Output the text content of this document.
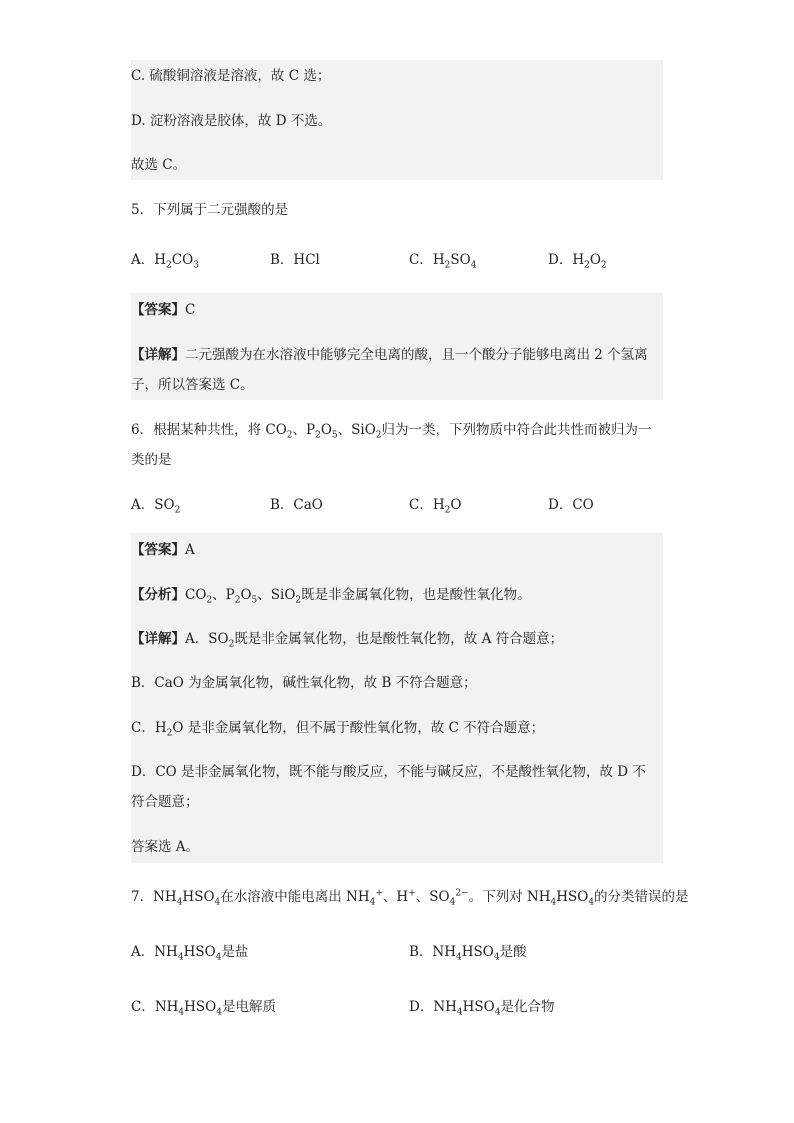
C. 硫酸铜溶液是溶液，故 C 选；
D. 淀粉溶液是胶体，故 D 不选。
故选 C。
5．下列属于二元强酸的是
A．$H_2CO_3$	B．HCl	C．$H_2SO_4$	D．$H_2O_2$
【答案】C
【详解】二元强酸为在水溶液中能够完全电离的酸，且一个酸分子能够电离出 2 个氢离
子，所以答案选 C。
6．根据某种共性，将 $CO_2$、$P_2O_5$、SiO$_2$归为一类，下列物质中符合此共性而被归为一
类的是
A．$SO_2$	B．CaO	C．$H_2O$	D．CO
【答案】A
【分析】$CO_2$、$P_2O_5$、SiO$_2$既是非金属氧化物，也是酸性氧化物。
【详解】A．$SO_2$既是非金属氧化物，也是酸性氧化物，故 A 符合题意；
B．CaO 为金属氧化物，碱性氧化物，故 B 不符合题意；
C．$H_2O$ 是非金属氧化物，但不属于酸性氧化物，故 C 不符合题意；
D．CO 是非金属氧化物，既不能与酸反应，不能与碱反应，不是酸性氧化物，故 D 不
符合题意；
答案选 A。
7．$NH_4HSO_4$在水溶液中能电离出 $NH_4^+$、H+、$SO_4^{2-}$。下列对 $NH_4HSO_4$的分类错误的是
A．$NH_4HSO_4$是盐	B．$NH_4HSO_4$是酸
C．$NH_4HSO_4$是电解质	D．$NH_4HSO_4$是化合物
